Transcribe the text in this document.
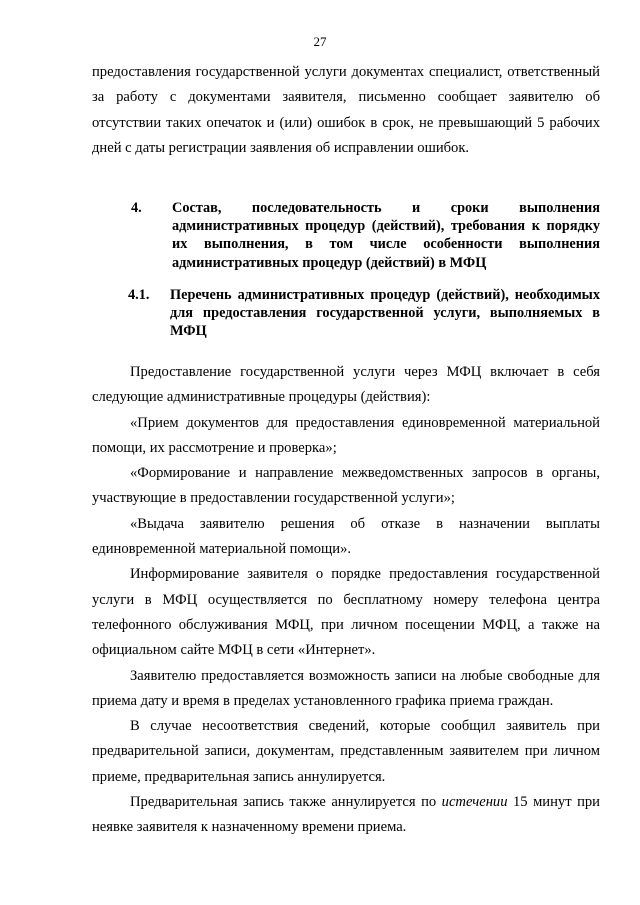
27

предоставления государственной услуги документах специалист, ответственный за работу с документами заявителя, письменно сообщает заявителю об отсутствии таких опечаток и (или) ошибок в срок, не превышающий 5 рабочих дней с даты регистрации заявления об исправлении ошибок.

4.	Состав, последовательность и сроки выполнения административных процедур (действий), требования к порядку их выполнения, в том числе особенности выполнения административных процедур (действий) в МФЦ
4.1.	Перечень административных процедур (действий), необходимых для предоставления государственной услуги, выполняемых в МФЦ

Предоставление государственной услуги через МФЦ включает в себя следующие административные процедуры (действия):

«Прием документов для предоставления единовременной материальной помощи, их рассмотрение и проверка»;

«Формирование и направление межведомственных запросов в органы, участвующие в предоставлении государственной услуги»;

«Выдача заявителю решения об отказе в назначении выплаты единовременной материальной помощи».

Информирование заявителя о порядке предоставления государственной услуги в МФЦ осуществляется по бесплатному номеру телефона центра телефонного обслуживания МФЦ, при личном посещении МФЦ, а также на официальном сайте МФЦ в сети «Интернет».

Заявителю предоставляется возможность записи на любые свободные для приема дату и время в пределах установленного графика приема граждан.

В случае несоответствия сведений, которые сообщил заявитель при предварительной записи, документам, представленным заявителем при личном приеме, предварительная запись аннулируется.

Предварительная запись также аннулируется по истечении 15 минут при неявке заявителя к назначенному времени приема.
